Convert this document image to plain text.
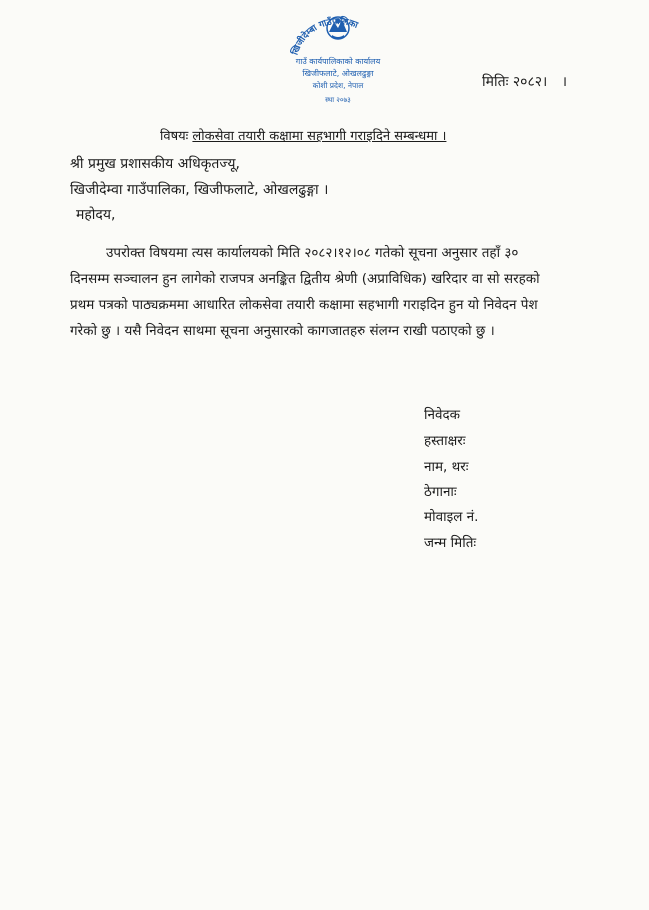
खिजीदेम्बा गाउँपालिका
गाउँ कार्यपालिकाको कार्यालय
खिजीफलाटे, ओखलढुङ्गा
कोशी प्रदेश, नेपाल
स्था २०७३
मितिः २०८२। ।
विषयः लोकसेवा तयारी कक्षामा सहभागी गराइदिने सम्बन्धमा ।
श्री प्रमुख प्रशासकीय अधिकृतज्यू,
खिजीदेम्वा गाउँपालिका, खिजीफलाटे, ओखलढुङ्गा ।
महोदय,
उपरोक्त विषयमा त्यस कार्यालयको मिति २०८२।१२।०८ गतेको सूचना अनुसार तहाँ ३०
दिनसम्म सञ्चालन हुन लागेको राजपत्र अनङ्कित द्वितीय श्रेणी (अप्राविधिक) खरिदार वा सो सरहको
प्रथम पत्रको पाठ्यक्रममा आधारित लोकसेवा तयारी कक्षामा सहभागी गराइदिन हुन यो निवेदन पेश
गरेको छु । यसै निवेदन साथमा सूचना अनुसारको कागजातहरु संलग्न राखी पठाएको छु ।
निवेदक
हस्ताक्षरः
नाम, थरः
ठेगानाः
मोवाइल नं.
जन्म मितिः
